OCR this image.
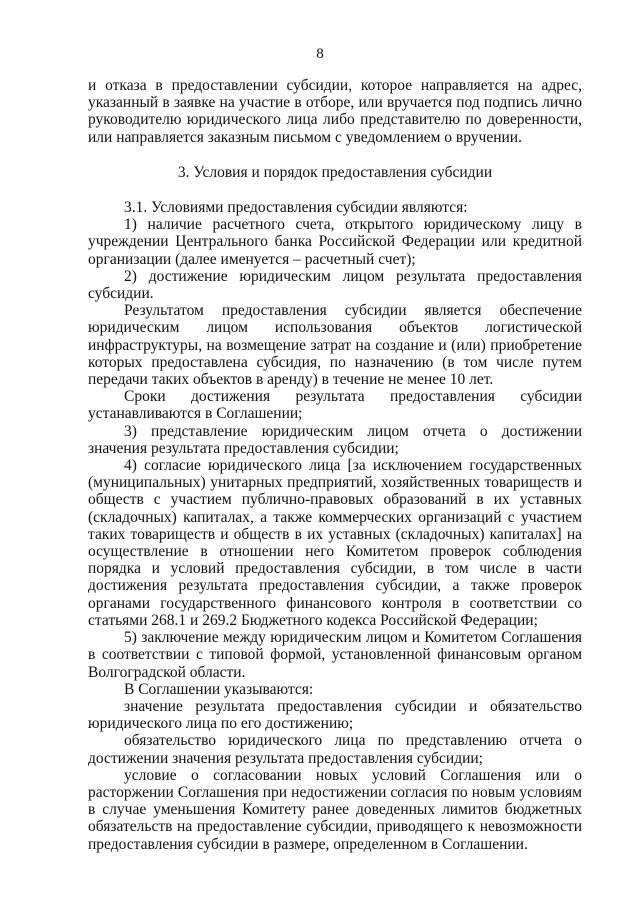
8

и отказа в предоставлении субсидии, которое направляется на адрес, указанный в заявке на участие в отборе, или вручается под подпись лично руководителю юридического лица либо представителю по доверенности, или направляется заказным письмом с уведомлением о вручении.

3. Условия и порядок предоставления субсидии

3.1. Условиями предоставления субсидии являются:

1) наличие расчетного счета, открытого юридическому лицу в учреждении Центрального банка Российской Федерации или кредитной организации (далее именуется – расчетный счет);

2) достижение юридическим лицом результата предоставления субсидии.

Результатом предоставления субсидии является обеспечение юридическим лицом использования объектов логистической инфраструктуры, на возмещение затрат на создание и (или) приобретение которых предоставлена субсидия, по назначению (в том числе путем передачи таких объектов в аренду) в течение не менее 10 лет.

Сроки достижения результата предоставления субсидии устанавливаются в Соглашении;

3) представление юридическим лицом отчета о достижении значения результата предоставления субсидии;

4) согласие юридического лица [за исключением государственных (муниципальных) унитарных предприятий, хозяйственных товариществ и обществ с участием публично-правовых образований в их уставных (складочных) капиталах, а также коммерческих организаций с участием таких товариществ и обществ в их уставных (складочных) капиталах] на осуществление в отношении него Комитетом проверок соблюдения порядка и условий предоставления субсидии, в том числе в части достижения результата предоставления субсидии, а также проверок органами государственного финансового контроля в соответствии со статьями 268.1 и 269.2 Бюджетного кодекса Российской Федерации;

5) заключение между юридическим лицом и Комитетом Соглашения в соответствии с типовой формой, установленной финансовым органом Волгоградской области.

В Соглашении указываются:

значение результата предоставления субсидии и обязательство юридического лица по его достижению;

обязательство юридического лица по представлению отчета о достижении значения результата предоставления субсидии;

условие о согласовании новых условий Соглашения или о расторжении Соглашения при недостижении согласия по новым условиям в случае уменьшения Комитету ранее доведенных лимитов бюджетных обязательств на предоставление субсидии, приводящего к невозможности предоставления субсидии в размере, определенном в Соглашении.
